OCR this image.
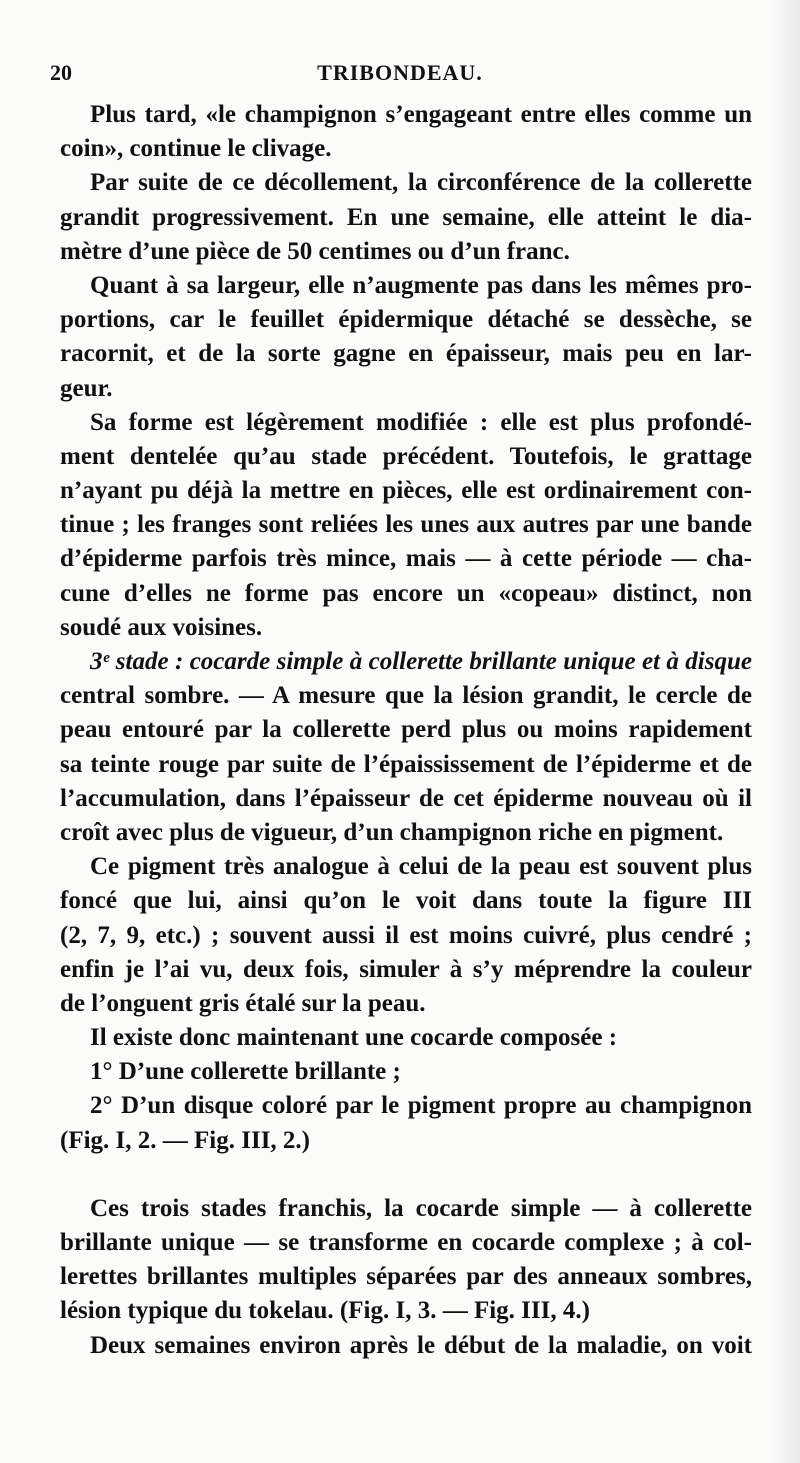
20	TRIBONDEAU.
Plus tard, «le champignon s’engageant entre elles comme un
coin», continue le clivage.
Par suite de ce décollement, la circonférence de la collerette
grandit progressivement. En une semaine, elle atteint le dia-
mètre d’une pièce de 50 centimes ou d’un franc.
Quant à sa largeur, elle n’augmente pas dans les mêmes pro-
portions, car le feuillet épidermique détaché se dessèche, se
racornit, et de la sorte gagne en épaisseur, mais peu en lar-
geur.
Sa forme est légèrement modifiée : elle est plus profondé-
ment dentelée qu’au stade précédent. Toutefois, le grattage
n’ayant pu déjà la mettre en pièces, elle est ordinairement con-
tinue ; les franges sont reliées les unes aux autres par une bande
d’épiderme parfois très mince, mais — à cette période — cha-
cune d’elles ne forme pas encore un «copeau» distinct, non
soudé aux voisines.
3ᵉ stade : cocarde simple à collerette brillante unique et à disque
central sombre. — A mesure que la lésion grandit, le cercle de
peau entouré par la collerette perd plus ou moins rapidement
sa teinte rouge par suite de l’épaississement de l’épiderme et de
l’accumulation, dans l’épaisseur de cet épiderme nouveau où il
croît avec plus de vigueur, d’un champignon riche en pigment.
Ce pigment très analogue à celui de la peau est souvent plus
foncé que lui, ainsi qu’on le voit dans toute la figure III
(2, 7, 9, etc.) ; souvent aussi il est moins cuivré, plus cendré ;
enfin je l’ai vu, deux fois, simuler à s’y méprendre la couleur
de l’onguent gris étalé sur la peau.
Il existe donc maintenant une cocarde composée :
1° D’une collerette brillante ;
2° D’un disque coloré par le pigment propre au champignon
(Fig. I, 2. — Fig. III, 2.)
Ces trois stades franchis, la cocarde simple — à collerette
brillante unique — se transforme en cocarde complexe ; à col-
lerettes brillantes multiples séparées par des anneaux sombres,
lésion typique du tokelau. (Fig. I, 3. — Fig. III, 4.)
Deux semaines environ après le début de la maladie, on voit
